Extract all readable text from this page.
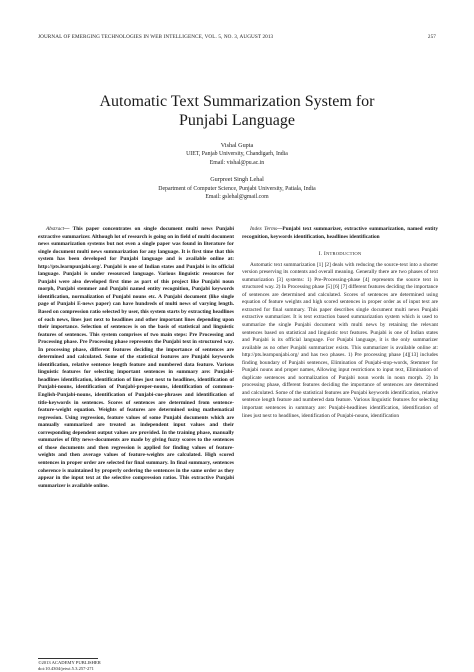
JOURNAL OF EMERGING TECHNOLOGIES IN WEB INTELLIGENCE, VOL. 5, NO. 3, AUGUST 2013	257
Automatic Text Summarization System for
Punjabi Language
Vishal Gupta
UIET, Panjab University, Chandigarh, India
Email: vishal@pu.ac.in
Gurpreet Singh Lehal
Department of Computer Science, Punjabi University, Patiala, India
Email: gslehal@gmail.com
Abstract— This paper concentrates on single document multi news Punjabi extractive summarizer. Although lot of research is going on in field of multi document news summarization systems but not even a single paper was found in literature for single document multi news summarization for any language. It is first time that this system has been developed for Punjabi language and is available online at: http://pts.learnpunjabi.org/. Punjabi is one of Indian states and Punjabi is its official language. Punjabi is under resourced language. Various linguistic resources for Punjabi were also developed first time as part of this project like Punjabi noun morph, Punjabi stemmer and Punjabi named entity recognition, Punjabi keywords identification, normalization of Punjabi nouns etc. A Punjabi document (like single page of Punjabi E-news paper) can have hundreds of multi news of varying length. Based on compression ratio selected by user, this system starts by extracting headlines of each news, lines just next to headlines and other important lines depending upon their importance. Selection of sentences is on the basis of statistical and linguistic features of sentences. This system comprises of two main steps: Pre Processing and Processing phase. Pre Processing phase represents the Punjabi text in structured way. In processing phase, different features deciding the importance of sentences are determined and calculated. Some of the statistical features are Punjabi keywords identification, relative sentence length feature and numbered data feature. Various linguistic features for selecting important sentences in summary are: Punjabi-headlines identification, identification of lines just next to headlines, identification of Punjabi-nouns, identification of Punjabi-proper-nouns, identification of common-English-Punjabi-nouns, identification of Punjabi-cue-phrases and identification of title-keywords in sentences. Scores of sentences are determined from sentence-feature-weight equation. Weights of features are determined using mathematical regression. Using regression, feature values of some Punjabi documents which are manually summarized are treated as independent input values and their corresponding dependent output values are provided. In the training phase, manually summaries of fifty news-documents are made by giving fuzzy scores to the sentences of those documents and then regression is applied for finding values of feature-weights and then average values of feature-weights are calculated. High scored sentences in proper order are selected for final summary. In final summary, sentences coherence is maintained by properly ordering the sentences in the same order as they appear in the input text at the selective compression ratios. This extractive Punjabi summarizer is available online.
Index Terms—Punjabi text summarizer, extractive summarization, named entity recognition, keywords identification, headlines identification
I. INTRODUCTION

Automatic text summarization [1] [2] deals with reducing the source-text into a shorter version preserving its contents and overall meaning. Generally there are two phases of text summarization [3] systems: 1) Pre-Processing-phase [4] represents the source text in structured way. 2) In Processing phase [5] [6] [7] different features deciding the importance of sentences are determined and calculated. Scores of sentences are determined using equation of feature weights and high scored sentences in proper order as of input text are extracted for final summary. This paper describes single document multi news Punjabi extractive summarizer. It is text extraction based summarization system which is used to summarize the single Punjabi document with multi news by retaining the relevant sentences based on statistical and linguistic text features. Punjabi is one of Indian states and Punjabi is its official language. For Punjabi language, it is the only summarizer available as no other Punjabi summarizer exists. This summarizer is available online at: http://pts.learnpunjabi.org/ and has two phases. 1) Pre processing phase [4][13] includes finding boundary of Punjabi sentences, Elimination of Punjabi-stop-words, Stemmer for Punjabi nouns and proper names, Allowing input restrictions to input text, Elimination of duplicate sentences and normalization of Punjabi noun words in noun morph. 2) In processing phase, different features deciding the importance of sentences are determined and calculated. Some of the statistical features are Punjabi keywords identification, relative sentence length feature and numbered data feature. Various linguistic features for selecting important sentences in summary are: Punjabi-headlines identification, identification of lines just next to headlines, identification of Punjabi-nouns, identification

©2013 ACADEMY PUBLISHER
doi:10.4304/jetwi.5.3.257-271
